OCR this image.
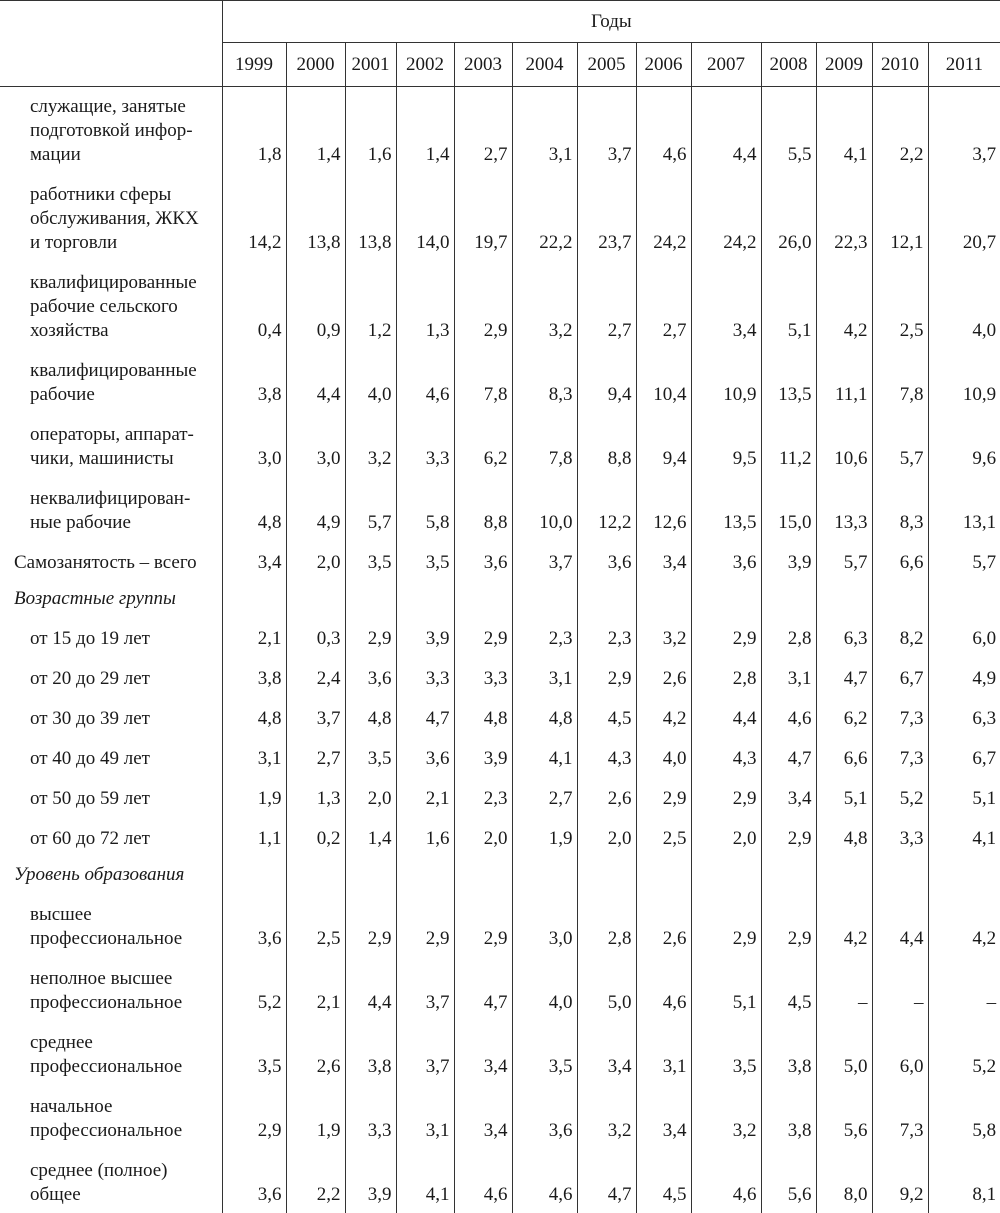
	Годы												
	1999	2000	2001	2002	2003	2004	2005	2006	2007	2008	2009	2010	2011

служащие, занятые
подготовкой инфор-
мации	1,8	1,4	1,6	1,4	2,7	3,1	3,7	4,6	4,4	5,5	4,1	2,2	3,7

работники сферы
обслуживания, ЖКХ
и торговли	14,2	13,8	13,8	14,0	19,7	22,2	23,7	24,2	24,2	26,0	22,3	12,1	20,7

квалифицированные
рабочие сельского
хозяйства	0,4	0,9	1,2	1,3	2,9	3,2	2,7	2,7	3,4	5,1	4,2	2,5	4,0

квалифицированные
рабочие	3,8	4,4	4,0	4,6	7,8	8,3	9,4	10,4	10,9	13,5	11,1	7,8	10,9

операторы, аппарат-
чики, машинисты	3,0	3,0	3,2	3,3	6,2	7,8	8,8	9,4	9,5	11,2	10,6	5,7	9,6

неквалифицирован-
ные рабочие	4,8	4,9	5,7	5,8	8,8	10,0	12,2	12,6	13,5	15,0	13,3	8,3	13,1

Самозанятость – всего	3,4	2,0	3,5	3,5	3,6	3,7	3,6	3,4	3,6	3,9	5,7	6,6	5,7

Возрастные группы													

от 15 до 19 лет	2,1	0,3	2,9	3,9	2,9	2,3	2,3	3,2	2,9	2,8	6,3	8,2	6,0

от 20 до 29 лет	3,8	2,4	3,6	3,3	3,3	3,1	2,9	2,6	2,8	3,1	4,7	6,7	4,9

от 30 до 39 лет	4,8	3,7	4,8	4,7	4,8	4,8	4,5	4,2	4,4	4,6	6,2	7,3	6,3

от 40 до 49 лет	3,1	2,7	3,5	3,6	3,9	4,1	4,3	4,0	4,3	4,7	6,6	7,3	6,7

от 50 до 59 лет	1,9	1,3	2,0	2,1	2,3	2,7	2,6	2,9	2,9	3,4	5,1	5,2	5,1

от 60 до 72 лет	1,1	0,2	1,4	1,6	2,0	1,9	2,0	2,5	2,0	2,9	4,8	3,3	4,1

Уровень образования													

высшее
профессиональное	3,6	2,5	2,9	2,9	2,9	3,0	2,8	2,6	2,9	2,9	4,2	4,4	4,2

неполное высшее
профессиональное	5,2	2,1	4,4	3,7	4,7	4,0	5,0	4,6	5,1	4,5	–	–	–

среднее
профессиональное	3,5	2,6	3,8	3,7	3,4	3,5	3,4	3,1	3,5	3,8	5,0	6,0	5,2

начальное
профессиональное	2,9	1,9	3,3	3,1	3,4	3,6	3,2	3,4	3,2	3,8	5,6	7,3	5,8

среднее (полное)
общее	3,6	2,2	3,9	4,1	4,6	4,6	4,7	4,5	4,6	5,6	8,0	9,2	8,1
